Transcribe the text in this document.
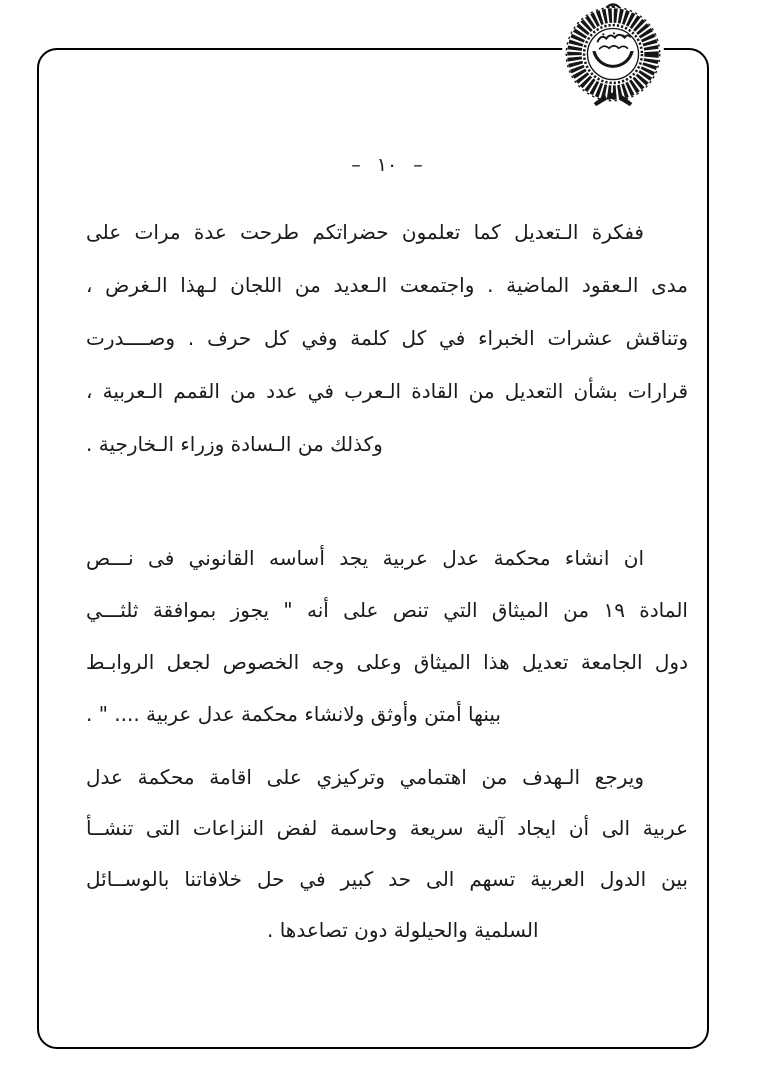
– ١٠ –
ففكرة الـتعديل كما تعلمون حضراتكم طرحت عدة مرات على
مدى الـعقود الماضية . واجتمعت الـعديد من اللجان لـهذا الـغرض ،
وتناقش عشرات الخبراء في كل كلمة وفي كل حرف . وصــــدرت
قرارات بشأن التعديل من القادة الـعرب في عدد من القمم الـعربية ،
وكذلك من الـسادة وزراء الـخارجية .
ان انشاء محكمة عدل عربية يجد أساسه القانوني فى نـــص
المادة ١٩ من الميثاق التي تنص على أنه " يجوز بموافقة ثلثـــي
دول الجامعة تعديل هذا الميثاق وعلى وجه الخصوص لجعل الروابـط
بينها أمتن وأوثق ولانشاء محكمة عدل عربية .... " .
ويرجع الـهدف من اهتمامي وتركيزي على اقامة محكمة عدل
عربية الى أن ايجاد آلية سريعة وحاسمة لفض النزاعات التى تنشــأ
بين الدول العربية تسهم الى حد كبير في حل خلافاتنا بالوســائل
السلمية والحيلولة دون تصاعدها .
